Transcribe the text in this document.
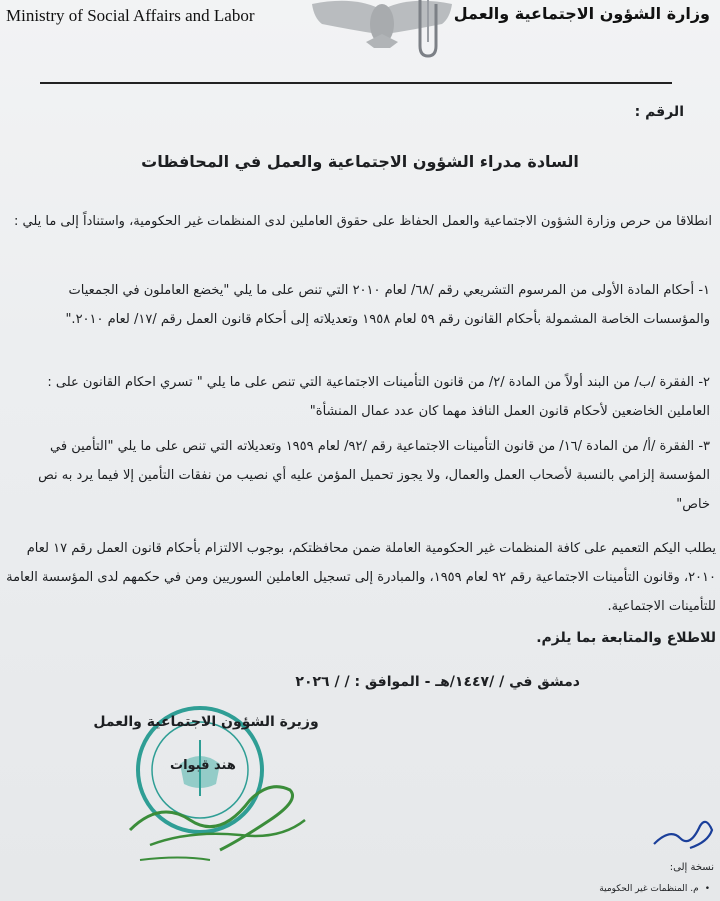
Ministry of Social Affairs and Labor	وزارة الشؤون الاجتماعية والعمل
الرقم :
السادة مدراء الشؤون الاجتماعية والعمل في المحافظات
انطلاقا من حرص وزارة الشؤون الاجتماعية والعمل الحفاظ على حقوق العاملين لدى المنظمات غير الحكومية، واستناداً إلى ما يلي :
١- أحكام المادة الأولى من المرسوم التشريعي رقم /٦٨/ لعام ٢٠١٠ التي تنص على ما يلي "يخضع العاملون في الجمعيات والمؤسسات الخاصة المشمولة بأحكام القانون رقم ٥٩ لعام ١٩٥٨ وتعديلاته إلى أحكام قانون العمل رقم /١٧/ لعام ٢٠١٠."
٢- الفقرة /ب/ من البند أولاً من المادة /٢/ من قانون التأمينات الاجتماعية التي تنص على ما يلي " تسري احكام القانون على : العاملين الخاضعين لأحكام قانون العمل النافذ مهما كان عدد عمال المنشأة"
٣- الفقرة /أ/ من المادة /١٦/ من قانون التأمينات الاجتماعية رقم /٩٢/ لعام ١٩٥٩ وتعديلاته التي تنص على ما يلي "التأمين في المؤسسة إلزامي بالنسبة لأصحاب العمل والعمال، ولا يجوز تحميل المؤمن عليه أي نصيب من نفقات التأمين إلا فيما يرد به نص خاص"
يطلب اليكم التعميم على كافة المنظمات غير الحكومية العاملة ضمن محافظتكم، بوجوب الالتزام بأحكام قانون العمل رقم ١٧ لعام ٢٠١٠، وقانون التأمينات الاجتماعية رقم ٩٢ لعام ١٩٥٩، والمبادرة إلى تسجيل العاملين السوريين ومن في حكمهم لدى المؤسسة العامة للتأمينات الاجتماعية.
للاطلاع والمتابعة بما يلزم.
دمشق في / /١٤٤٧/هـ - الموافق : / / ٢٠٢٦
وزيرة الشؤون الاجتماعية والعمل
هند قبوات
نسخة إلى:
•م. المنظمات غير الحكومية
